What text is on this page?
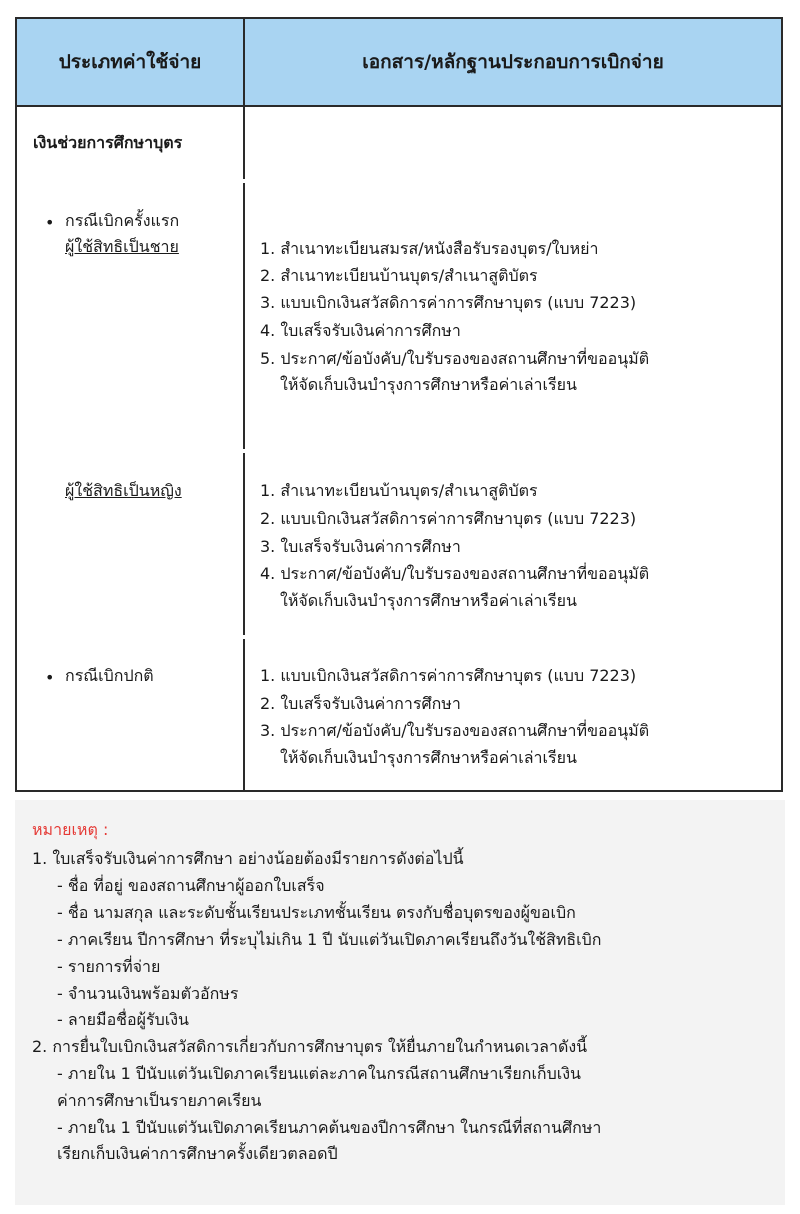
ประเภทค่าใช้จ่าย	เอกสาร/หลักฐานประกอบการเบิกจ่าย
เงินช่วยการศึกษาบุตร
• กรณีเบิกครั้งแรก
ผู้ใช้สิทธิเป็นชาย	1. สำเนาทะเบียนสมรส/หนังสือรับรองบุตร/ใบหย่า
2. สำเนาทะเบียนบ้านบุตร/สำเนาสูติบัตร
3. แบบเบิกเงินสวัสดิการค่าการศึกษาบุตร (แบบ 7223)
4. ใบเสร็จรับเงินค่าการศึกษา
5. ประกาศ/ข้อบังคับ/ใบรับรองของสถานศึกษาที่ขออนุมัติ
ให้จัดเก็บเงินบำรุงการศึกษาหรือค่าเล่าเรียน
ผู้ใช้สิทธิเป็นหญิง	1. สำเนาทะเบียนบ้านบุตร/สำเนาสูติบัตร
2. แบบเบิกเงินสวัสดิการค่าการศึกษาบุตร (แบบ 7223)
3. ใบเสร็จรับเงินค่าการศึกษา
4. ประกาศ/ข้อบังคับ/ใบรับรองของสถานศึกษาที่ขออนุมัติ
ให้จัดเก็บเงินบำรุงการศึกษาหรือค่าเล่าเรียน
• กรณีเบิกปกติ	1. แบบเบิกเงินสวัสดิการค่าการศึกษาบุตร (แบบ 7223)
2. ใบเสร็จรับเงินค่าการศึกษา
3. ประกาศ/ข้อบังคับ/ใบรับรองของสถานศึกษาที่ขออนุมัติ
ให้จัดเก็บเงินบำรุงการศึกษาหรือค่าเล่าเรียน
หมายเหตุ :
1. ใบเสร็จรับเงินค่าการศึกษา อย่างน้อยต้องมีรายการดังต่อไปนี้
- ชื่อ ที่อยู่ ของสถานศึกษาผู้ออกใบเสร็จ
- ชื่อ นามสกุล และระดับชั้นเรียนประเภทชั้นเรียน ตรงกับชื่อบุตรของผู้ขอเบิก
- ภาคเรียน ปีการศึกษา ที่ระบุไม่เกิน 1 ปี นับแต่วันเปิดภาคเรียนถึงวันใช้สิทธิเบิก
- รายการที่จ่าย
- จำนวนเงินพร้อมตัวอักษร
- ลายมือชื่อผู้รับเงิน
2. การยื่นใบเบิกเงินสวัสดิการเกี่ยวกับการศึกษาบุตร ให้ยื่นภายในกำหนดเวลาดังนี้
- ภายใน 1 ปีนับแต่วันเปิดภาคเรียนแต่ละภาคในกรณีสถานศึกษาเรียกเก็บเงิน
ค่าการศึกษาเป็นรายภาคเรียน
- ภายใน 1 ปีนับแต่วันเปิดภาคเรียนภาคต้นของปีการศึกษา ในกรณีที่สถานศึกษา
เรียกเก็บเงินค่าการศึกษาครั้งเดียวตลอดปี
